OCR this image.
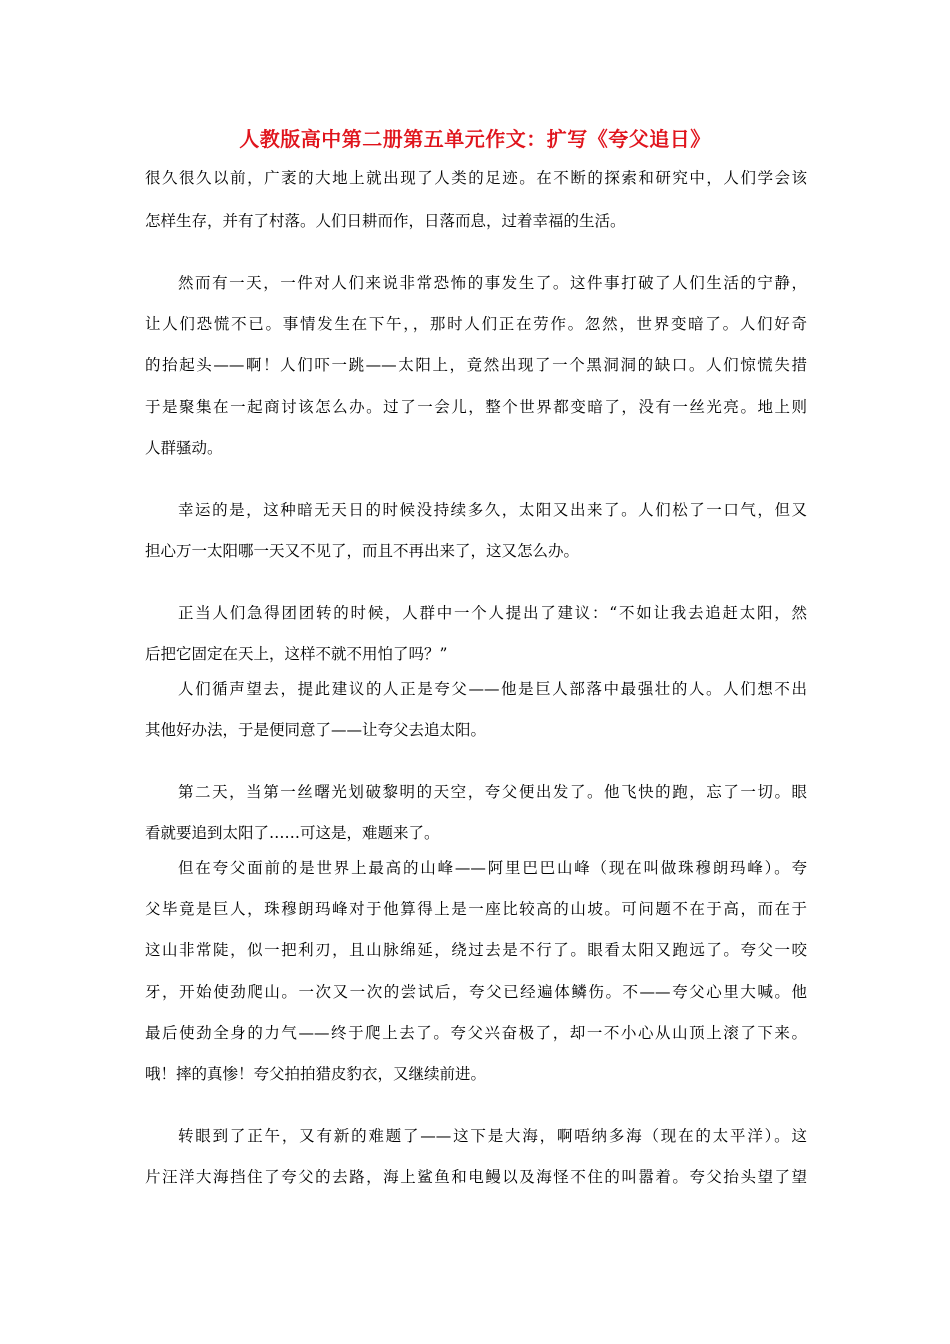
人教版高中第二册第五单元作文：扩写《夸父追日》
很久很久以前，广袤的大地上就出现了人类的足迹。在不断的探索和研究中，人们学会该
怎样生存，并有了村落。人们日耕而作，日落而息，过着幸福的生活。
然而有一天，一件对人们来说非常恐怖的事发生了。这件事打破了人们生活的宁静，
让人们恐慌不已。事情发生在下午，，那时人们正在劳作。忽然，世界变暗了。人们好奇
的抬起头——啊！人们吓一跳——太阳上，竟然出现了一个黑洞洞的缺口。人们惊慌失措
于是聚集在一起商讨该怎么办。过了一会儿，整个世界都变暗了，没有一丝光亮。地上则
人群骚动。
幸运的是，这种暗无天日的时候没持续多久，太阳又出来了。人们松了一口气，但又
担心万一太阳哪一天又不见了，而且不再出来了，这又怎么办。
正当人们急得团团转的时候，人群中一个人提出了建议：“不如让我去追赶太阳，然
后把它固定在天上，这样不就不用怕了吗？”
人们循声望去，提此建议的人正是夸父——他是巨人部落中最强壮的人。人们想不出
其他好办法，于是便同意了——让夸父去追太阳。
第二天，当第一丝曙光划破黎明的天空，夸父便出发了。他飞快的跑，忘了一切。眼
看就要追到太阳了……可这是，难题来了。
但在夸父面前的是世界上最高的山峰——阿里巴巴山峰（现在叫做珠穆朗玛峰）。夸
父毕竟是巨人，珠穆朗玛峰对于他算得上是一座比较高的山坡。可问题不在于高，而在于
这山非常陡，似一把利刃，且山脉绵延，绕过去是不行了。眼看太阳又跑远了。夸父一咬
牙，开始使劲爬山。一次又一次的尝试后，夸父已经遍体鳞伤。不——夸父心里大喊。他
最后使劲全身的力气——终于爬上去了。夸父兴奋极了，却一不小心从山顶上滚了下来。
哦！摔的真惨！夸父拍拍猎皮豹衣，又继续前进。
转眼到了正午，又有新的难题了——这下是大海，啊唔纳多海（现在的太平洋）。这
片汪洋大海挡住了夸父的去路，海上鲨鱼和电鳗以及海怪不住的叫嚣着。夸父抬头望了望
